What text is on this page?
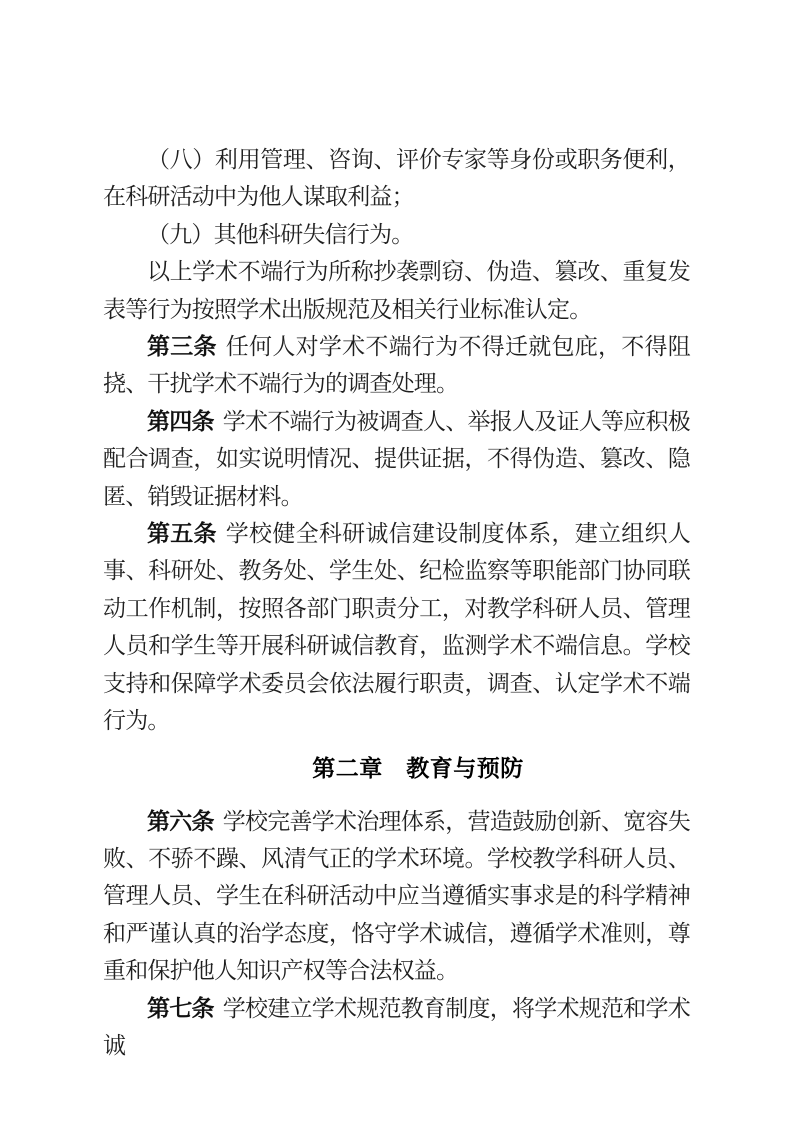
（八）利用管理、咨询、评价专家等身份或职务便利，在科研活动中为他人谋取利益；

（九）其他科研失信行为。

以上学术不端行为所称抄袭剽窃、伪造、篡改、重复发表等行为按照学术出版规范及相关行业标准认定。

第三条 任何人对学术不端行为不得迁就包庇，不得阻挠、干扰学术不端行为的调查处理。

第四条 学术不端行为被调查人、举报人及证人等应积极配合调查，如实说明情况、提供证据，不得伪造、篡改、隐匿、销毁证据材料。

第五条 学校健全科研诚信建设制度体系，建立组织人事、科研处、教务处、学生处、纪检监察等职能部门协同联动工作机制，按照各部门职责分工，对教学科研人员、管理人员和学生等开展科研诚信教育，监测学术不端信息。学校支持和保障学术委员会依法履行职责，调查、认定学术不端行为。

第二章　教育与预防

第六条 学校完善学术治理体系，营造鼓励创新、宽容失败、不骄不躁、风清气正的学术环境。学校教学科研人员、管理人员、学生在科研活动中应当遵循实事求是的科学精神和严谨认真的治学态度，恪守学术诚信，遵循学术准则，尊重和保护他人知识产权等合法权益。

第七条 学校建立学术规范教育制度，将学术规范和学术诚
